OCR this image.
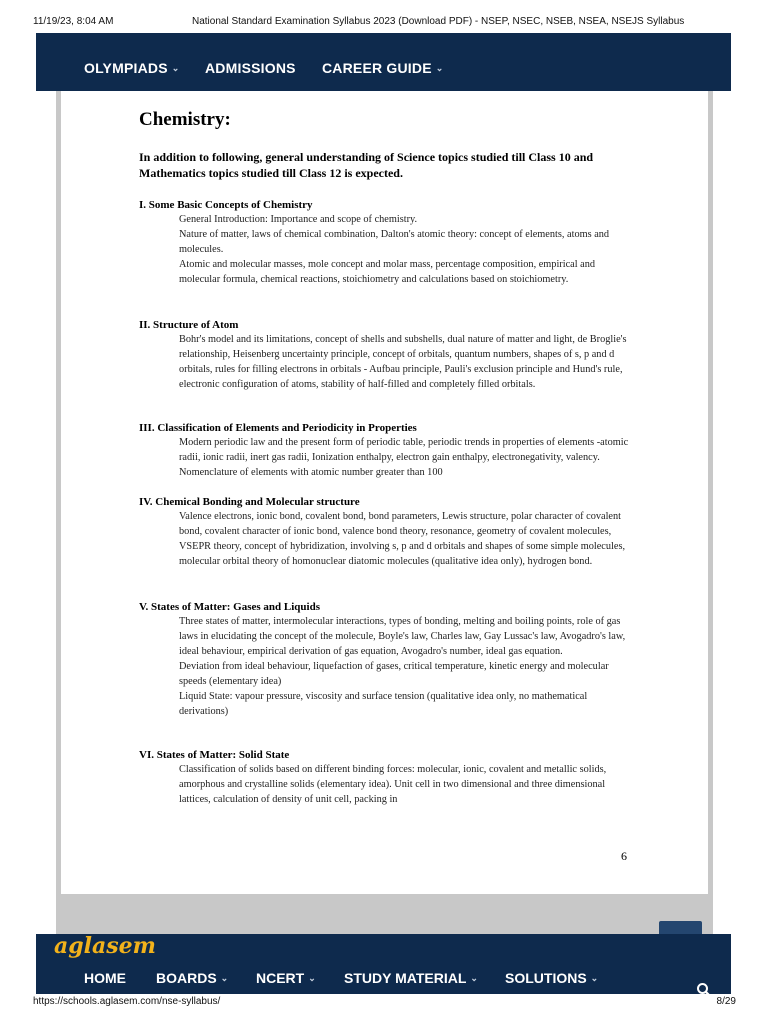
11/19/23, 8:04 AM	National Standard Examination Syllabus 2023 (Download PDF) - NSEP, NSEC, NSEB, NSEA, NSEJS Syllabus
OLYMPIADS ⌄ ADMISSIONS CAREER GUIDE ⌄
Chemistry:
In addition to following, general understanding of Science topics studied till Class 10 and Mathematics topics studied till Class 12 is expected.
I. Some Basic Concepts of Chemistry
General Introduction: Importance and scope of chemistry.
Nature of matter, laws of chemical combination, Dalton's atomic theory: concept of elements, atoms and molecules.
Atomic and molecular masses, mole concept and molar mass, percentage composition, empirical and molecular formula, chemical reactions, stoichiometry and calculations based on stoichiometry.
II. Structure of Atom
Bohr's model and its limitations, concept of shells and subshells, dual nature of matter and light, de Broglie's relationship, Heisenberg uncertainty principle, concept of orbitals, quantum numbers, shapes of s, p and d orbitals, rules for filling electrons in orbitals - Aufbau principle, Pauli's exclusion principle and Hund's rule, electronic configuration of atoms, stability of half-filled and completely filled orbitals.
III. Classification of Elements and Periodicity in Properties
Modern periodic law and the present form of periodic table, periodic trends in properties of elements -atomic radii, ionic radii, inert gas radii, Ionization enthalpy, electron gain enthalpy, electronegativity, valency. Nomenclature of elements with atomic number greater than 100
IV. Chemical Bonding and Molecular structure
Valence electrons, ionic bond, covalent bond, bond parameters, Lewis structure, polar character of covalent bond, covalent character of ionic bond, valence bond theory, resonance, geometry of covalent molecules, VSEPR theory, concept of hybridization, involving s, p and d orbitals and shapes of some simple molecules, molecular orbital theory of homonuclear diatomic molecules (qualitative idea only), hydrogen bond.
V. States of Matter: Gases and Liquids
Three states of matter, intermolecular interactions, types of bonding, melting and boiling points, role of gas laws in elucidating the concept of the molecule, Boyle's law, Charles law, Gay Lussac's law, Avogadro's law, ideal behaviour, empirical derivation of gas equation, Avogadro's number, ideal gas equation.
Deviation from ideal behaviour, liquefaction of gases, critical temperature, kinetic energy and molecular speeds (elementary idea)
Liquid State: vapour pressure, viscosity and surface tension (qualitative idea only, no mathematical derivations)
VI. States of Matter: Solid State
Classification of solids based on different binding forces: molecular, ionic, covalent and metallic solids, amorphous and crystalline solids (elementary idea). Unit cell in two dimensional and three dimensional lattices, calculation of density of unit cell, packing in
6
aglasem
HOME BOARDS ⌄ NCERT ⌄ STUDY MATERIAL ⌄ SOLUTIONS ⌄
https://schools.aglasem.com/nse-syllabus/	8/29
